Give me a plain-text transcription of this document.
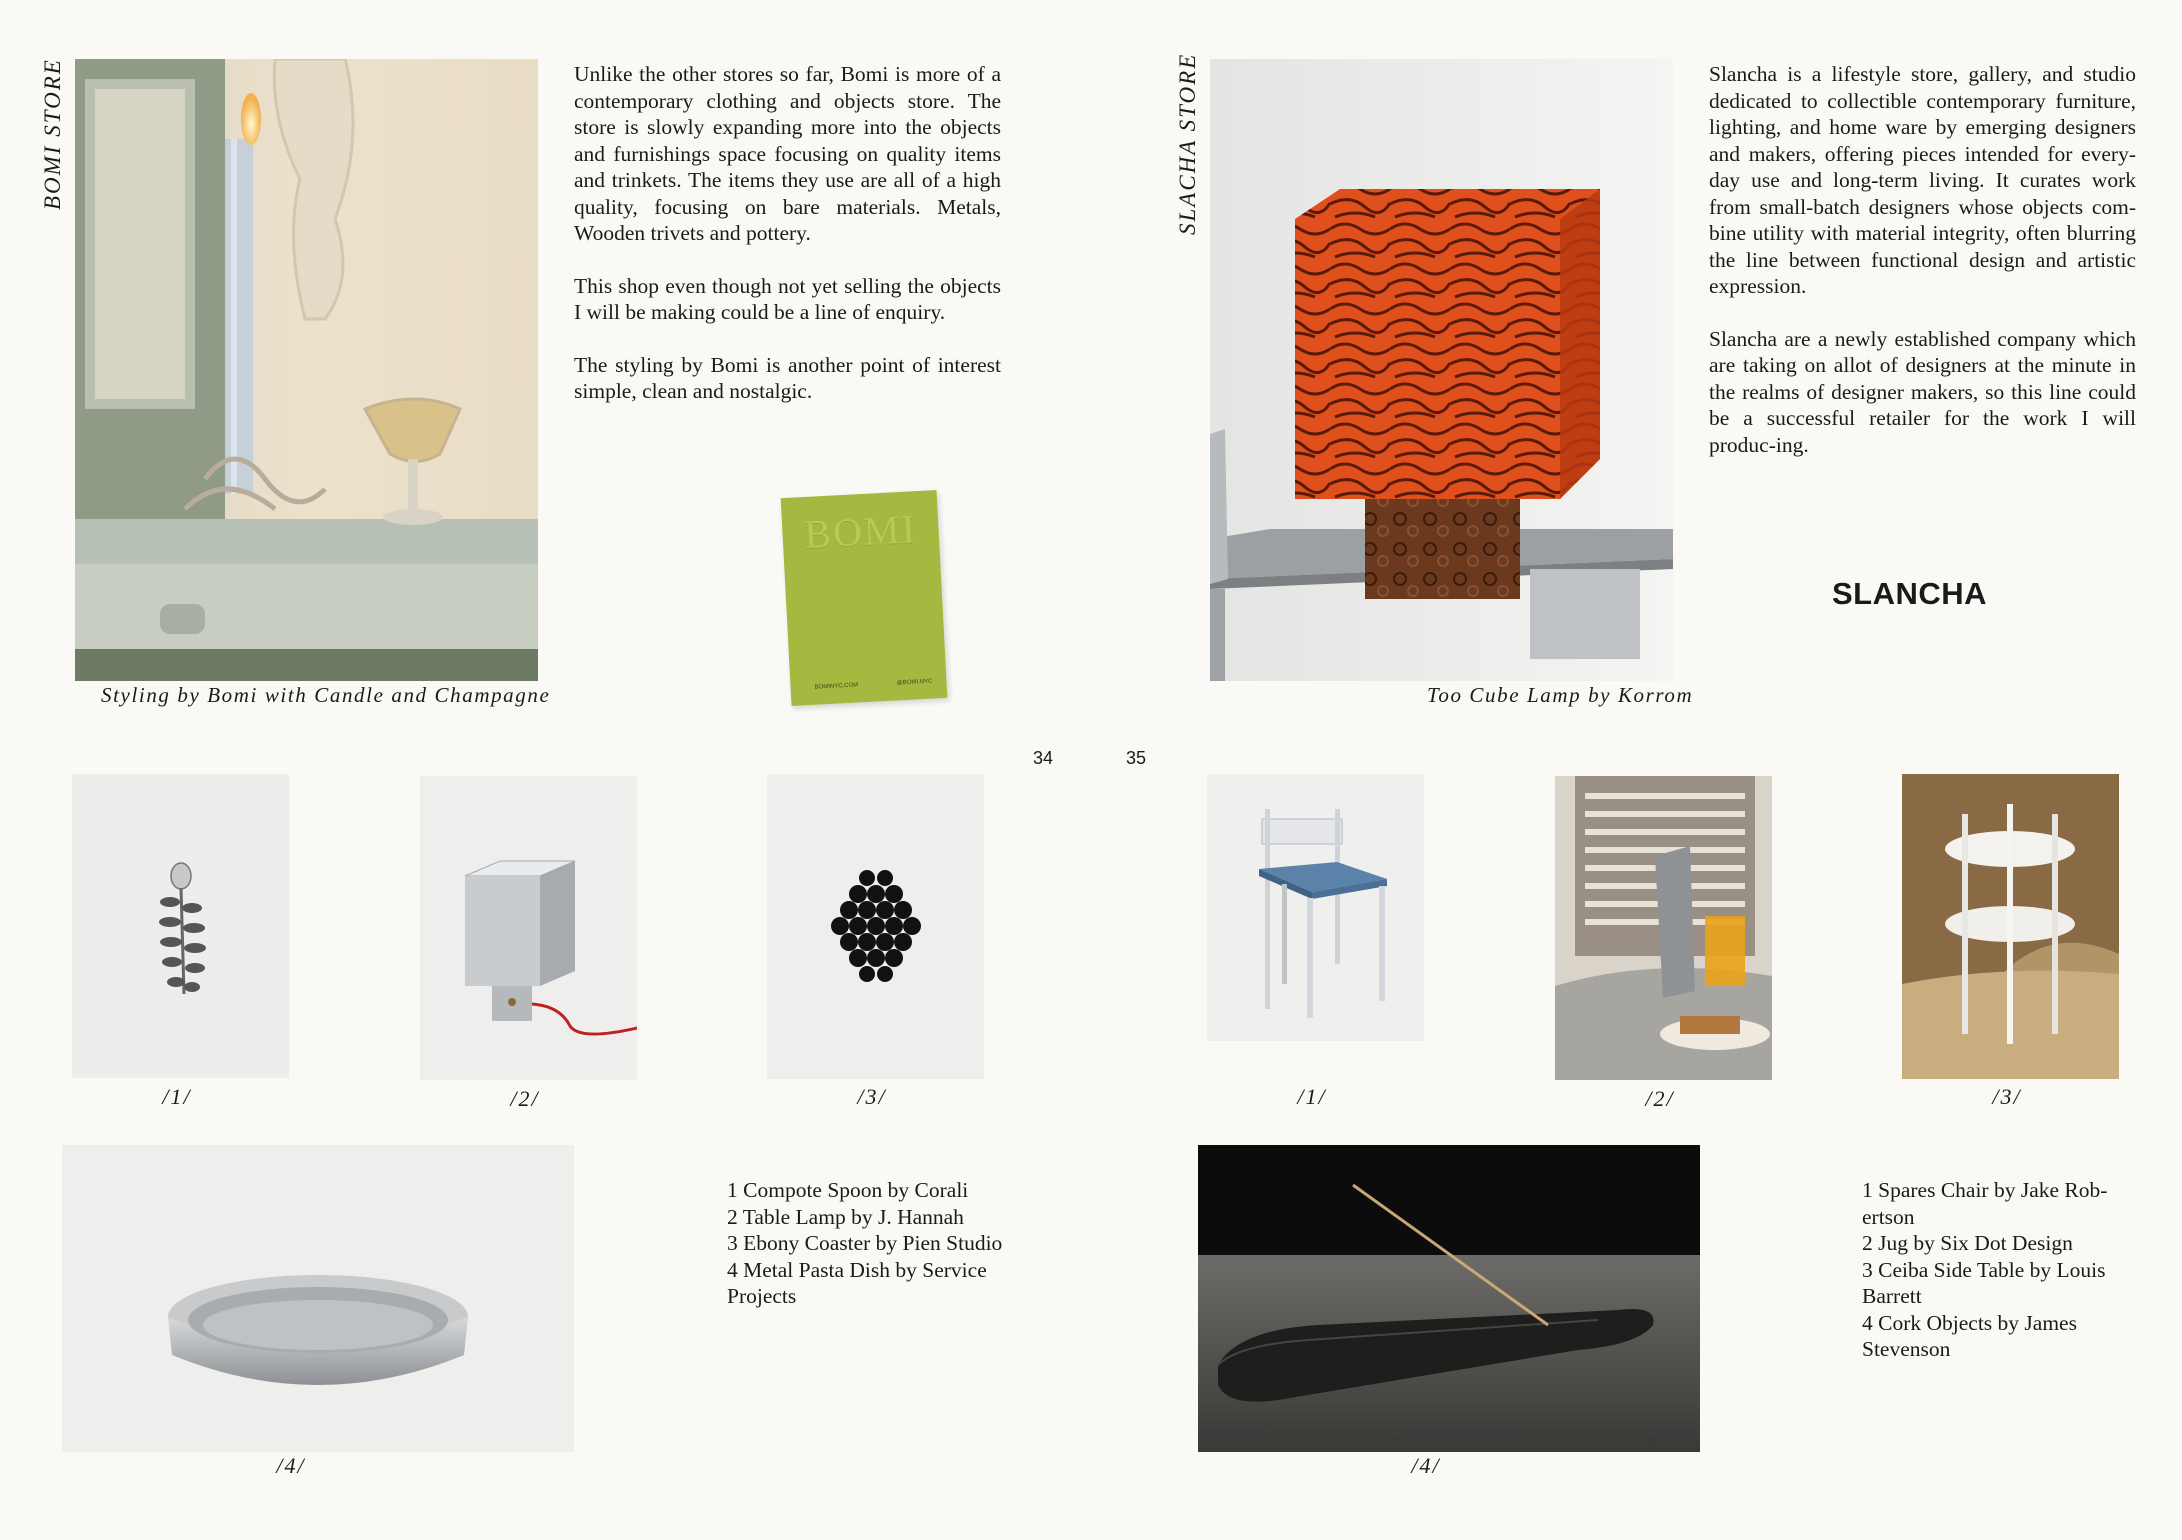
BOMI STORE
Styling by Bomi with Candle and Champagne

Unlike the other stores so far, Bomi is more of a contemporary clothing and objects store. The store is slowly expanding more into the objects and furnishings space focusing on quality items and trinkets. The items they use are all of a high quality, focusing on bare materials. Metals, Wooden trivets and pottery.

This shop even though not yet selling the objects I will be making could be a line of enquiry.

The styling by Bomi is another point of interest simple, clean and nostalgic.

BOMI
BOMINYC.COM	@BOMI.NYC
34
/1/	/2/	/3/
/4/
1 Compote Spoon by Corali
2 Table Lamp by J. Hannah
3 Ebony Coaster by Pien Studio
4 Metal Pasta Dish by Service Projects
SLACHA STORE
Too Cube Lamp by Korrom

Slancha is a lifestyle store, gallery, and studio dedicated to collectible contemporary furniture, lighting, and home ware by emerging designers and makers, offering pieces intended for every-day use and long-term living. It curates work from small-batch designers whose objects com-bine utility with material integrity, often blurring the line between functional design and artistic expression.

Slancha are a newly established company which are taking on allot of designers at the minute in the realms of designer makers, so this line could be a successful retailer for the work I will produc-ing.

SLANCHA
35
/1/	/2/	/3/
/4/
1 Spares Chair by Jake Rob-ertson
2 Jug by Six Dot Design
3 Ceiba Side Table by Louis Barrett
4 Cork Objects by James Stevenson
